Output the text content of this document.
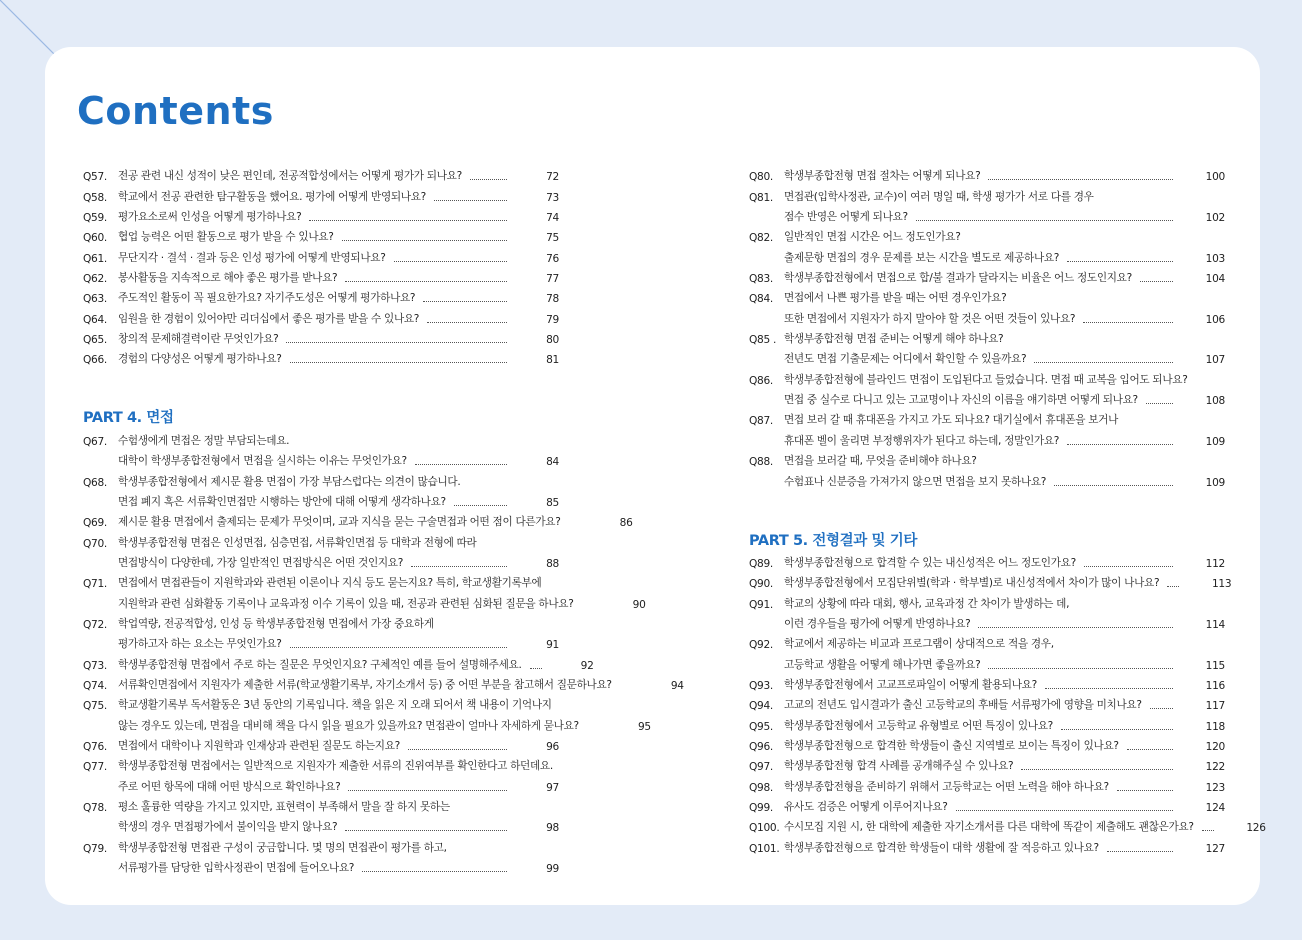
Contents
Q57.	전공 관련 내신 성적이 낮은 편인데, 전공적합성에서는 어떻게 평가가 되나요?	72
Q58.	학교에서 전공 관련한 탐구활동을 했어요. 평가에 어떻게 반영되나요?	73
Q59.	평가요소로써 인성을 어떻게 평가하나요?	74
Q60.	협업 능력은 어떤 활동으로 평가 받을 수 있나요?	75
Q61.	무단지각 · 결석 · 결과 등은 인성 평가에 어떻게 반영되나요?	76
Q62.	봉사활동을 지속적으로 해야 좋은 평가를 받나요?	77
Q63.	주도적인 활동이 꼭 필요한가요? 자기주도성은 어떻게 평가하나요?	78
Q64.	임원을 한 경험이 있어야만 리더십에서 좋은 평가를 받을 수 있나요?	79
Q65.	창의적 문제해결력이란 무엇인가요?	80
Q66.	경험의 다양성은 어떻게 평가하나요?	81
PART 4. 면접
Q67.	수험생에게 면접은 정말 부담되는데요.
대학이 학생부종합전형에서 면접을 실시하는 이유는 무엇인가요?	84
Q68.	학생부종합전형에서 제시문 활용 면접이 가장 부담스럽다는 의견이 많습니다.
면접 폐지 혹은 서류확인면접만 시행하는 방안에 대해 어떻게 생각하나요?	85
Q69.	제시문 활용 면접에서 출제되는 문제가 무엇이며, 교과 지식을 묻는 구술면접과 어떤 점이 다른가요?	86
Q70.	학생부종합전형 면접은 인성면접, 심층면접, 서류확인면접 등 대학과 전형에 따라
면접방식이 다양한데, 가장 일반적인 면접방식은 어떤 것인지요?	88
Q71.	면접에서 면접관들이 지원학과와 관련된 이론이나 지식 등도 묻는지요? 특히, 학교생활기록부에
지원학과 관련 심화활동 기록이나 교육과정 이수 기록이 있을 때, 전공과 관련된 심화된 질문을 하나요?	90
Q72.	학업역량, 전공적합성, 인성 등 학생부종합전형 면접에서 가장 중요하게
평가하고자 하는 요소는 무엇인가요?	91
Q73.	학생부종합전형 면접에서 주로 하는 질문은 무엇인지요? 구체적인 예를 들어 설명해주세요.	92
Q74.	서류확인면접에서 지원자가 제출한 서류(학교생활기록부, 자기소개서 등) 중 어떤 부분을 참고해서 질문하나요?	94
Q75.	학교생활기록부 독서활동은 3년 동안의 기록입니다. 책을 읽은 지 오래 되어서 책 내용이 기억나지
않는 경우도 있는데, 면접을 대비해 책을 다시 읽을 필요가 있을까요? 면접관이 얼마나 자세하게 묻나요?	95
Q76.	면접에서 대학이나 지원학과 인재상과 관련된 질문도 하는지요?	96
Q77.	학생부종합전형 면접에서는 일반적으로 지원자가 제출한 서류의 진위여부를 확인한다고 하던데요.
주로 어떤 항목에 대해 어떤 방식으로 확인하나요?	97
Q78.	평소 훌륭한 역량을 가지고 있지만, 표현력이 부족해서 말을 잘 하지 못하는
학생의 경우 면접평가에서 불이익을 받지 않나요?	98
Q79.	학생부종합전형 면접관 구성이 궁금합니다. 몇 명의 면접관이 평가를 하고,
서류평가를 담당한 입학사정관이 면접에 들어오나요?	99
Q80.	학생부종합전형 면접 절차는 어떻게 되나요?	100
Q81.	면접관(입학사정관, 교수)이 여러 명일 때, 학생 평가가 서로 다를 경우
점수 반영은 어떻게 되나요?	102
Q82.	일반적인 면접 시간은 어느 정도인가요?
출제문항 면접의 경우 문제를 보는 시간을 별도로 제공하나요?	103
Q83.	학생부종합전형에서 면접으로 합/불 결과가 달라지는 비율은 어느 정도인지요?	104
Q84.	면접에서 나쁜 평가를 받을 때는 어떤 경우인가요?
또한 면접에서 지원자가 하지 말아야 할 것은 어떤 것들이 있나요?	106
Q85 . 학생부종합전형 면접 준비는 어떻게 해야 하나요?
전년도 면접 기출문제는 어디에서 확인할 수 있을까요?	107
Q86.	학생부종합전형에 블라인드 면접이 도입된다고 들었습니다. 면접 때 교복을 입어도 되나요?
면접 중 실수로 다니고 있는 고교명이나 자신의 이름을 얘기하면 어떻게 되나요?	108
Q87.	면접 보러 갈 때 휴대폰을 가지고 가도 되나요? 대기실에서 휴대폰을 보거나
휴대폰 벨이 울리면 부정행위자가 된다고 하는데, 정말인가요?	109
Q88.	면접을 보러갈 때, 무엇을 준비해야 하나요?
수험표나 신분증을 가져가지 않으면 면접을 보지 못하나요?	109
PART 5. 전형결과 및 기타
Q89.	학생부종합전형으로 합격할 수 있는 내신성적은 어느 정도인가요?	112
Q90.	학생부종합전형에서 모집단위별(학과 · 학부별)로 내신성적에서 차이가 많이 나나요?	113
Q91.	학교의 상황에 따라 대회, 행사, 교육과정 간 차이가 발생하는 데,
이런 경우들을 평가에 어떻게 반영하나요?	114
Q92.	학교에서 제공하는 비교과 프로그램이 상대적으로 적을 경우,
고등학교 생활을 어떻게 해나가면 좋을까요?	115
Q93.	학생부종합전형에서 고교프로파일이 어떻게 활용되나요?	116
Q94.	고교의 전년도 입시결과가 출신 고등학교의 후배들 서류평가에 영향을 미치나요?	117
Q95.	학생부종합전형에서 고등학교 유형별로 어떤 특징이 있나요?	118
Q96.	학생부종합전형으로 합격한 학생들이 출신 지역별로 보이는 특징이 있나요?	120
Q97.	학생부종합전형 합격 사례를 공개해주실 수 있나요?	122
Q98.	학생부종합전형을 준비하기 위해서 고등학교는 어떤 노력을 해야 하나요?	123
Q99.	유사도 검증은 어떻게 이루어지나요?	124
Q100. 수시모집 지원 시, 한 대학에 제출한 자기소개서를 다른 대학에 똑같이 제출해도 괜찮은가요?	126
Q101. 학생부종합전형으로 합격한 학생들이 대학 생활에 잘 적응하고 있나요?	127
